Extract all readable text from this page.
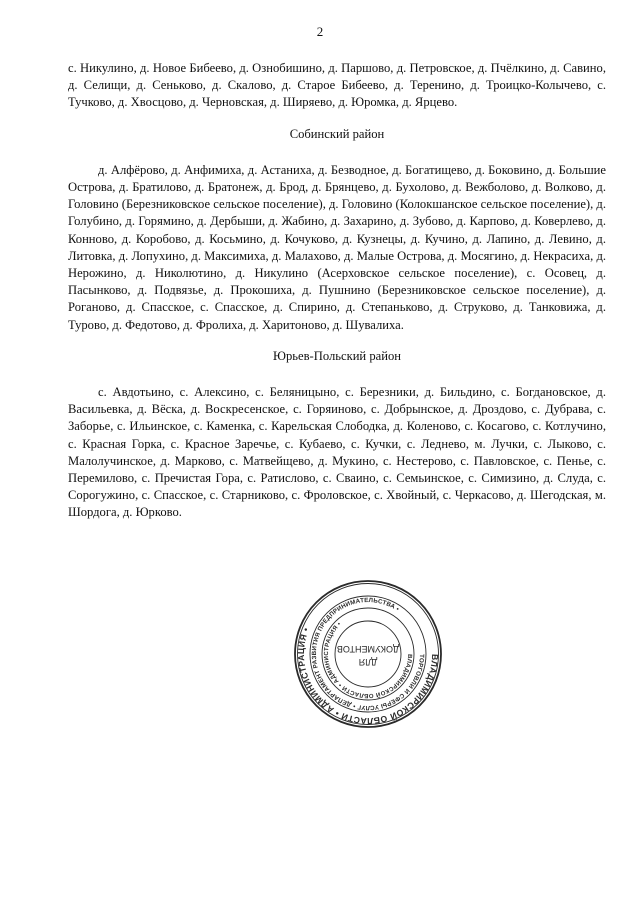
2

с. Никулино, д. Новое Бибеево, д. Ознобишино, д. Паршово, д. Петровское, д. Пчёлкино, д. Савино, д. Селищи, д. Сеньково, д. Скалово, д. Старое Бибеево, д. Теренино, д. Троицко-Колычево, с. Тучково, д. Хвосцово, д. Черновская, д. Ширяево, д. Юромка, д. Ярцево.

Собинский район

д. Алфёрово, д. Анфимиха, д. Астаниха, д. Безводное, д. Богатищево, д. Боковино, д. Большие Острова, д. Братилово, д. Братонеж, д. Брод, д. Брянцево, д. Бухолово, д. Вежболово, д. Волково, д. Головино (Березниковское сельское поселение), д. Головино (Колокшанское сельское поселение), д. Голубино, д. Горямино, д. Дербыши, д. Жабино, д. Захарино, д. Зубово, д. Карпово, д. Коверлево, д. Конново, д. Коробово, д. Косьмино, д. Кочуково, д. Кузнецы, д. Кучино, д. Лапино, д. Левино, д. Литовка, д. Лопухино, д. Максимиха, д. Малахово, д. Малые Острова, д. Мосягино, д. Некрасиха, д. Нерожино, д. Николютино, д. Никулино (Асерховское сельское поселение), с. Осовец, д. Пасынково, д. Подвязье, д. Прокошиха, д. Пушнино (Березниковское сельское поселение), д. Роганово, д. Спасское, с. Спасское, д. Спирино, д. Степаньково, д. Струково, д. Танковижа, д. Турово, д. Федотово, д. Фролиха, д. Харитоново, д. Шувалиха.

Юрьев-Польский район

с. Авдотьино, с. Алексино, с. Беляницыно, с. Березники, д. Бильдино, с. Богдановское, д. Васильевка, д. Вёска, д. Воскресенское, с. Горяиново, с. Добрынское, д. Дроздово, с. Дубрава, с. Заборье, с. Ильинское, с. Каменка, с. Карельская Слободка, д. Коленово, с. Косагово, с. Котлучино, с. Красная Горка, с. Красное Заречье, с. Кубаево, с. Кучки, с. Леднево, м. Лучки, с. Лыково, с. Малолучинское, д. Марково, с. Матвейщево, д. Мукино, с. Нестерово, с. Павловское, с. Пенье, с. Перемилово, с. Пречистая Гора, с. Ратислово, с. Сваино, с. Семьинское, с. Симизино, д. Слуда, с. Сорогужино, с. Спасское, с. Старниково, с. Фроловское, с. Хвойный, с. Черкасово, д. Шегодская, м. Шордога, д. Юрково.

ВЛАДИМИРСКОЙ ОБЛАСТИ • АДМИНИСТРАЦИЯ •
ТОРГОВЛИ И СФЕРЫ УСЛУГ • ДЕПАРТАМЕНТ РАЗВИТИЯ ПРЕДПРИНИМАТЕЛЬСТВА •
ВЛАДИМИРСКОЙ ОБЛАСТИ • АДМИНИСТРАЦИЯ •
ДЛЯ
ДОКУМЕНТОВ
